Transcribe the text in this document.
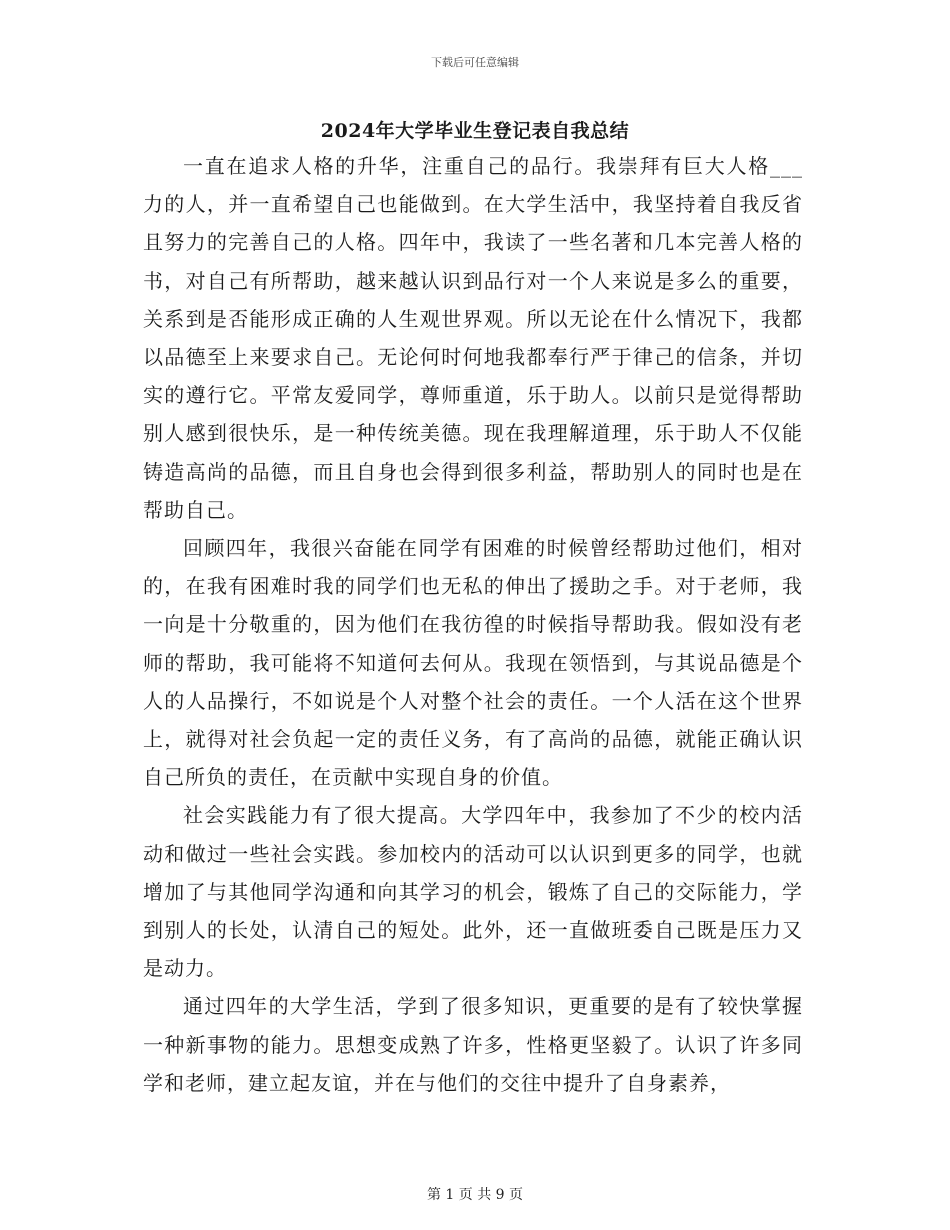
下载后可任意编辑
2024年大学毕业生登记表自我总结

一直在追求人格的升华，注重自己的品行。我崇拜有巨大人格___力的人，并一直希望自己也能做到。在大学生活中，我坚持着自我反省且努力的完善自己的人格。四年中，我读了一些名著和几本完善人格的书，对自己有所帮助，越来越认识到品行对一个人来说是多么的重要，关系到是否能形成正确的人生观世界观。所以无论在什么情况下，我都以品德至上来要求自己。无论何时何地我都奉行严于律己的信条，并切实的遵行它。平常友爱同学，尊师重道，乐于助人。以前只是觉得帮助别人感到很快乐，是一种传统美德。现在我理解道理，乐于助人不仅能铸造高尚的品德，而且自身也会得到很多利益，帮助别人的同时也是在帮助自己。

回顾四年，我很兴奋能在同学有困难的时候曾经帮助过他们，相对的，在我有困难时我的同学们也无私的伸出了援助之手。对于老师，我一向是十分敬重的，因为他们在我彷徨的时候指导帮助我。假如没有老师的帮助，我可能将不知道何去何从。我现在领悟到，与其说品德是个人的人品操行，不如说是个人对整个社会的责任。一个人活在这个世界上，就得对社会负起一定的责任义务，有了高尚的品德，就能正确认识自己所负的责任，在贡献中实现自身的价值。

社会实践能力有了很大提高。大学四年中，我参加了不少的校内活动和做过一些社会实践。参加校内的活动可以认识到更多的同学，也就增加了与其他同学沟通和向其学习的机会，锻炼了自己的交际能力，学到别人的长处，认清自己的短处。此外，还一直做班委自己既是压力又是动力。

通过四年的大学生活，学到了很多知识，更重要的是有了较快掌握一种新事物的能力。思想变成熟了许多，性格更坚毅了。认识了许多同学和老师，建立起友谊，并在与他们的交往中提升了自身素养，

第 1 页 共 9 页
